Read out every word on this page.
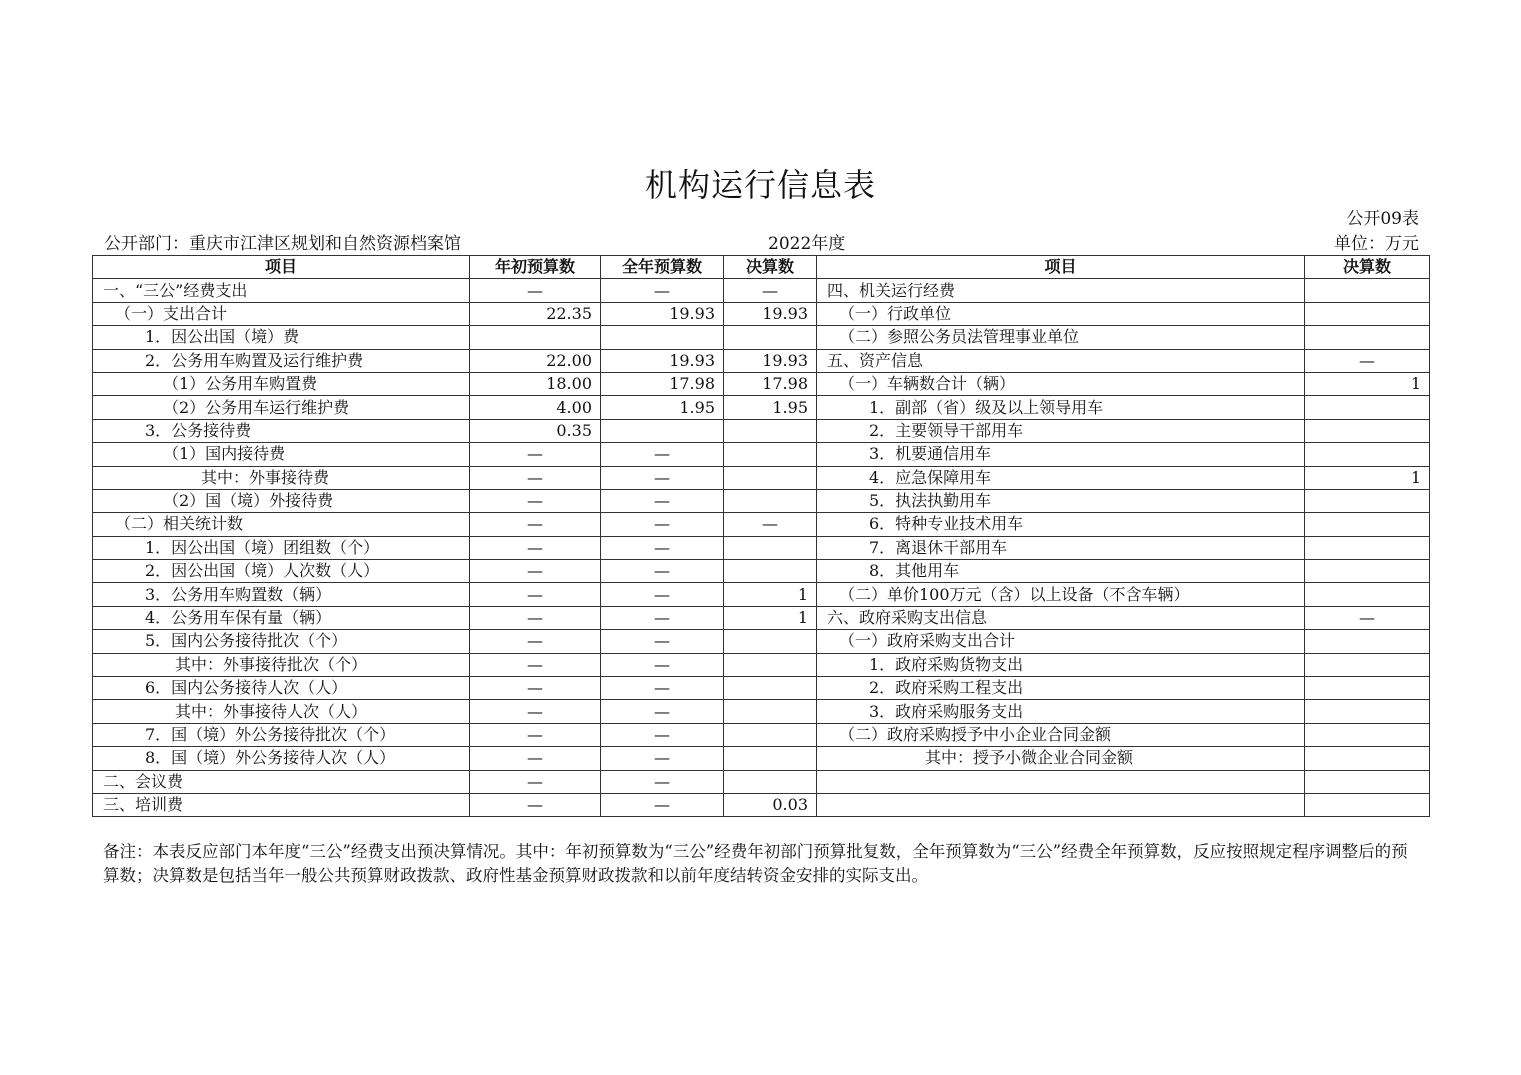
机构运行信息表
公开09表
公开部门：重庆市江津区规划和自然资源档案馆	2022年度	单位：万元
项目	年初预算数	全年预算数	决算数	项目	决算数
一、“三公”经费支出	—	—	—	四、机关运行经费	
（一）支出合计	22.35	19.93	19.93	（一）行政单位	
1．因公出国（境）费				（二）参照公务员法管理事业单位	
2．公务用车购置及运行维护费	22.00	19.93	19.93	五、资产信息	—
（1）公务用车购置费	18.00	17.98	17.98	（一）车辆数合计（辆）	1
（2）公务用车运行维护费	4.00	1.95	1.95	1．副部（省）级及以上领导用车	
3．公务接待费	0.35			2．主要领导干部用车	
（1）国内接待费	—	—		3．机要通信用车	
其中：外事接待费	—	—		4．应急保障用车	1
（2）国（境）外接待费	—	—		5．执法执勤用车	
（二）相关统计数	—	—	—	6．特种专业技术用车	
1．因公出国（境）团组数（个）	—	—		7．离退休干部用车	
2．因公出国（境）人次数（人）	—	—		8．其他用车	
3．公务用车购置数（辆）	—	—	1	（二）单价100万元（含）以上设备（不含车辆）	
4．公务用车保有量（辆）	—	—	1	六、政府采购支出信息	—
5．国内公务接待批次（个）	—	—		（一）政府采购支出合计	
其中：外事接待批次（个）	—	—		1．政府采购货物支出	
6．国内公务接待人次（人）	—	—		2．政府采购工程支出	
其中：外事接待人次（人）	—	—		3．政府采购服务支出	
7．国（境）外公务接待批次（个）	—	—		（二）政府采购授予中小企业合同金额	
8．国（境）外公务接待人次（人）	—	—		其中：授予小微企业合同金额	
二、会议费	—	—			
三、培训费	—	—	0.03		
备注：本表反应部门本年度“三公”经费支出预决算情况。其中：年初预算数为“三公”经费年初部门预算批复数，全年预算数为“三公”经费全年预算数，反应按照规定程序调整后的预算数；决算数是包括当年一般公共预算财政拨款、政府性基金预算财政拨款和以前年度结转资金安排的实际支出。
